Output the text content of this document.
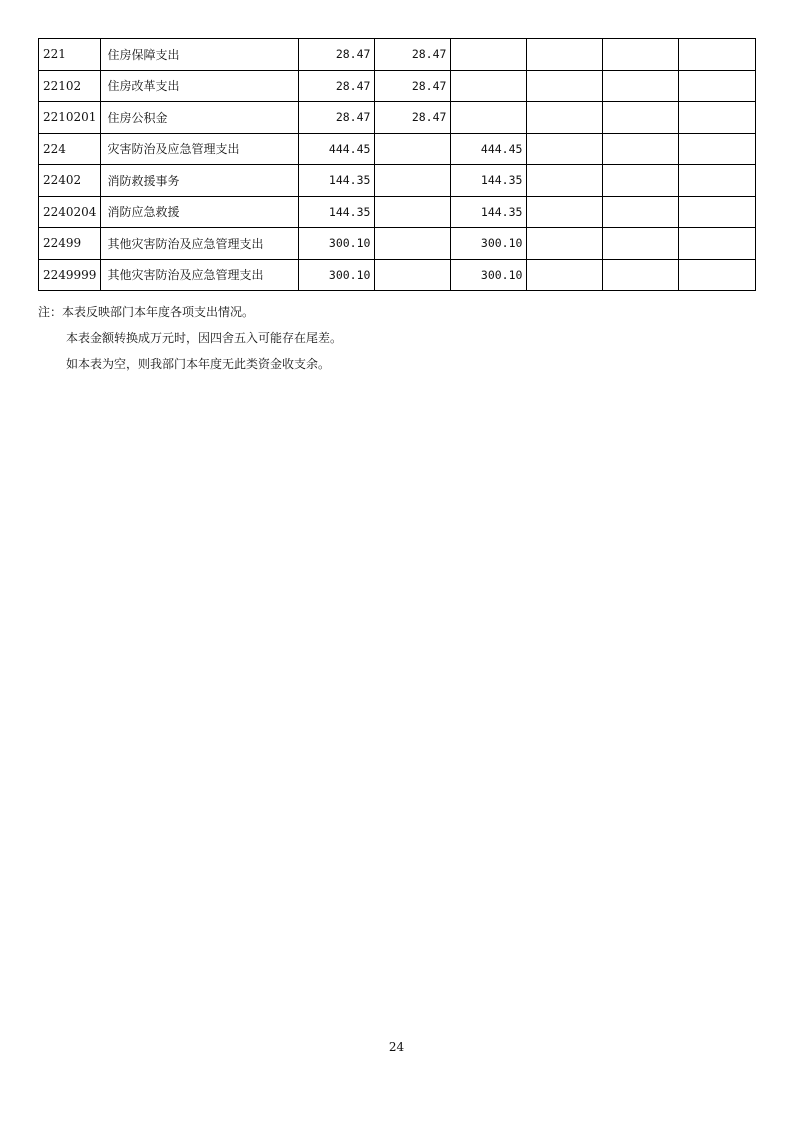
221	住房保障支出	28.47	28.47				
22102	住房改革支出	28.47	28.47				
2210201	住房公积金	28.47	28.47				
224	灾害防治及应急管理支出	444.45		444.45			
22402	消防救援事务	144.35		144.35			
2240204	消防应急救援	144.35		144.35			
22499	其他灾害防治及应急管理支出	300.10		300.10			
2249999	其他灾害防治及应急管理支出	300.10		300.10			
注：本表反映部门本年度各项支出情况。
本表金额转换成万元时，因四舍五入可能存在尾差。
如本表为空，则我部门本年度无此类资金收支余。
24
